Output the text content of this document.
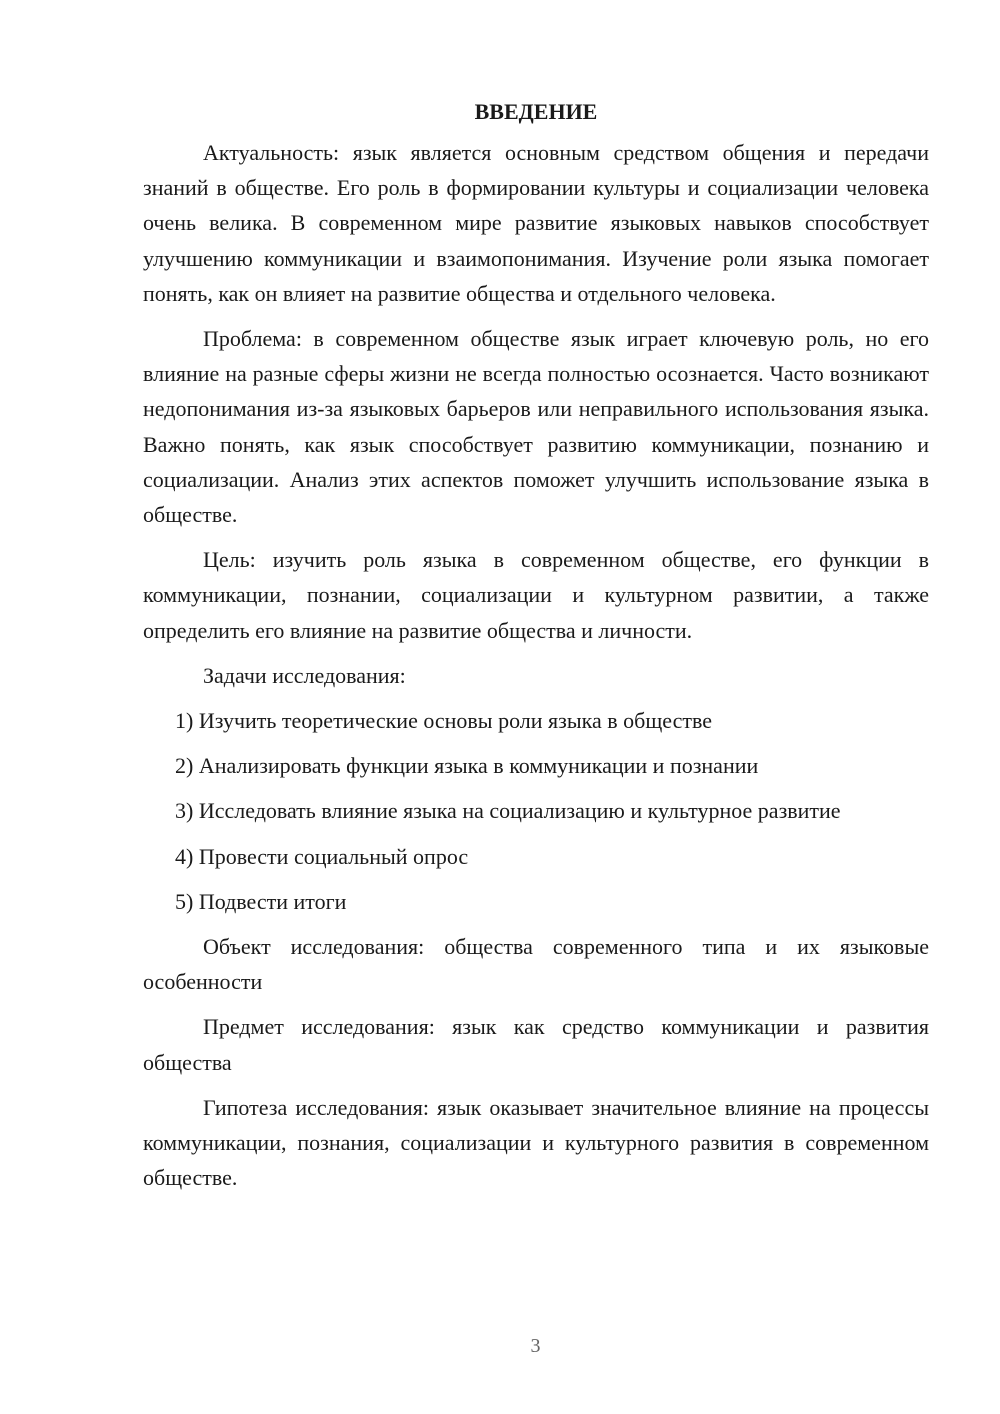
ВВЕДЕНИЕ

Актуальность: язык является основным средством общения и передачи знаний в обществе. Его роль в формировании культуры и социализации человека очень велика. В современном мире развитие языковых навыков способствует улучшению коммуникации и взаимопонимания. Изучение роли языка помогает понять, как он влияет на развитие общества и отдельного человека.

Проблема: в современном обществе язык играет ключевую роль, но его влияние на разные сферы жизни не всегда полностью осознается. Часто возникают недопонимания из-за языковых барьеров или неправильного использования языка. Важно понять, как язык способствует развитию коммуникации, познанию и социализации. Анализ этих аспектов поможет улучшить использование языка в обществе.

Цель: изучить роль языка в современном обществе, его функции в коммуникации, познании, социализации и культурном развитии, а также определить его влияние на развитие общества и личности.

Задачи исследования:

1) Изучить теоретические основы роли языка в обществе

2) Анализировать функции языка в коммуникации и познании

3) Исследовать влияние языка на социализацию и культурное развитие

4) Провести социальный опрос

5) Подвести итоги

Объект исследования: общества современного типа и их языковые особенности

Предмет исследования: язык как средство коммуникации и развития общества

Гипотеза исследования: язык оказывает значительное влияние на процессы коммуникации, познания, социализации и культурного развития в современном обществе.

3
